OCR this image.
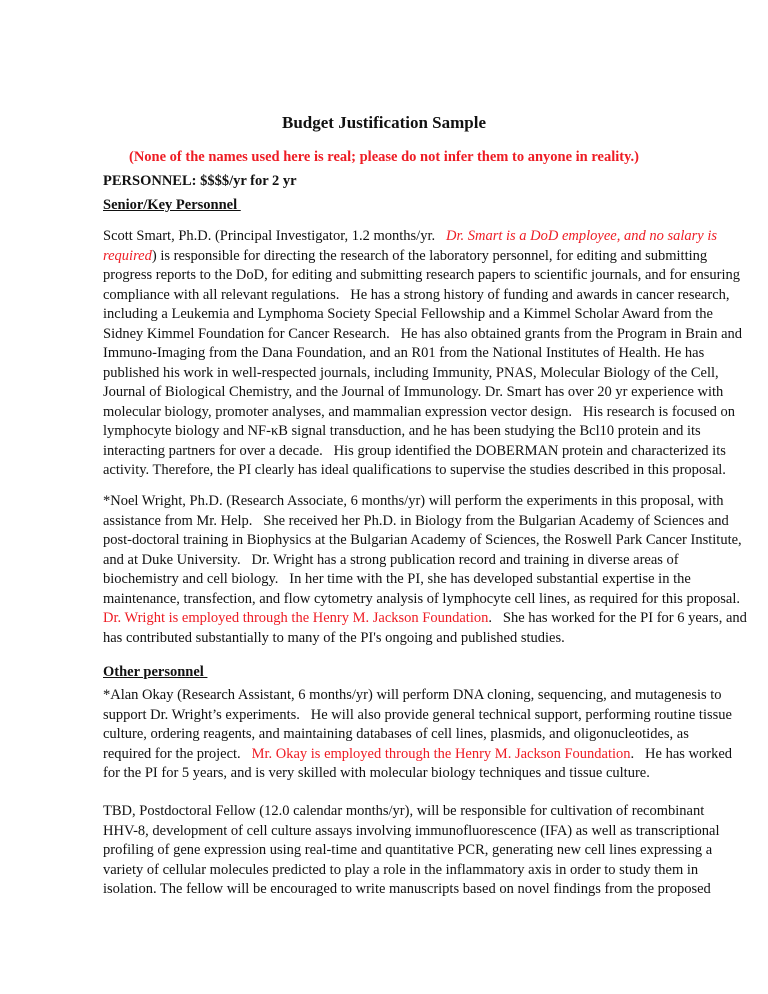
Budget Justification Sample
(None of the names used here is real; please do not infer them to anyone in reality.)
PERSONNEL: $$$$/yr for 2 yr
Senior/Key Personnel
Scott Smart, Ph.D. (Principal Investigator, 1.2 months/yr.   Dr. Smart is a DoD employee, and no salary is
required) is responsible for directing the research of the laboratory personnel, for editing and submitting
progress reports to the DoD, for editing and submitting research papers to scientific journals, and for ensuring
compliance with all relevant regulations.   He has a strong history of funding and awards in cancer research,
including a Leukemia and Lymphoma Society Special Fellowship and a Kimmel Scholar Award from the
Sidney Kimmel Foundation for Cancer Research.   He has also obtained grants from the Program in Brain and
Immuno-Imaging from the Dana Foundation, and an R01 from the National Institutes of Health. He has
published his work in well-respected journals, including Immunity, PNAS, Molecular Biology of the Cell,
Journal of Biological Chemistry, and the Journal of Immunology. Dr. Smart has over 20 yr experience with
molecular biology, promoter analyses, and mammalian expression vector design.   His research is focused on
lymphocyte biology and NF-κB signal transduction, and he has been studying the Bcl10 protein and its
interacting partners for over a decade.   His group identified the DOBERMAN protein and characterized its
activity. Therefore, the PI clearly has ideal qualifications to supervise the studies described in this proposal.
*Noel Wright, Ph.D. (Research Associate, 6 months/yr) will perform the experiments in this proposal, with
assistance from Mr. Help.   She received her Ph.D. in Biology from the Bulgarian Academy of Sciences and
post-doctoral training in Biophysics at the Bulgarian Academy of Sciences, the Roswell Park Cancer Institute,
and at Duke University.   Dr. Wright has a strong publication record and training in diverse areas of
biochemistry and cell biology.   In her time with the PI, she has developed substantial expertise in the
maintenance, transfection, and flow cytometry analysis of lymphocyte cell lines, as required for this proposal.
Dr. Wright is employed through the Henry M. Jackson Foundation.   She has worked for the PI for 6 years, and
has contributed substantially to many of the PI's ongoing and published studies.
Other personnel
*Alan Okay (Research Assistant, 6 months/yr) will perform DNA cloning, sequencing, and mutagenesis to
support Dr. Wright’s experiments.   He will also provide general technical support, performing routine tissue
culture, ordering reagents, and maintaining databases of cell lines, plasmids, and oligonucleotides, as
required for the project.   Mr. Okay is employed through the Henry M. Jackson Foundation.   He has worked
for the PI for 5 years, and is very skilled with molecular biology techniques and tissue culture.
TBD, Postdoctoral Fellow (12.0 calendar months/yr), will be responsible for cultivation of recombinant
HHV-8, development of cell culture assays involving immunofluorescence (IFA) as well as transcriptional
profiling of gene expression using real-time and quantitative PCR, generating new cell lines expressing a
variety of cellular molecules predicted to play a role in the inflammatory axis in order to study them in
isolation. The fellow will be encouraged to write manuscripts based on novel findings from the proposed
